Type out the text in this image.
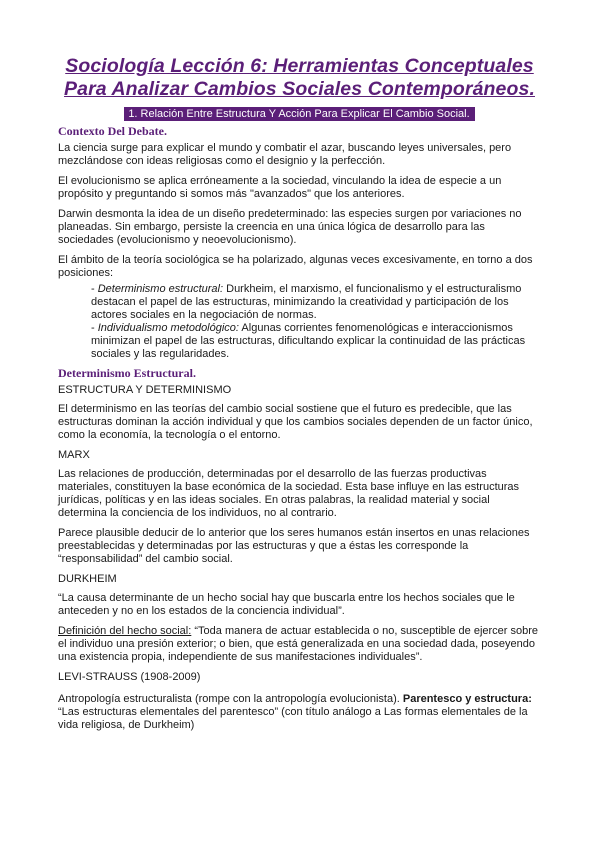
Sociología Lección 6: Herramientas Conceptuales
Para Analizar Cambios Sociales Contemporáneos.
1. Relación Entre Estructura Y Acción Para Explicar El Cambio Social.
Contexto Del Debate.

La ciencia surge para explicar el mundo y combatir el azar, buscando leyes universales, pero mezclándose con ideas religiosas como el designio y la perfección.

El evolucionismo se aplica erróneamente a la sociedad, vinculando la idea de especie a un propósito y preguntando si somos más "avanzados" que los anteriores.

Darwin desmonta la idea de un diseño predeterminado: las especies surgen por variaciones no planeadas. Sin embargo, persiste la creencia en una única lógica de desarrollo para las sociedades (evolucionismo y neoevolucionismo).

El ámbito de la teoría sociológica se ha polarizado, algunas veces excesivamente, en torno a dos posiciones:

- Determinismo estructural: Durkheim, el marxismo, el funcionalismo y el estructuralismo destacan el papel de las estructuras, minimizando la creatividad y participación de los actores sociales en la negociación de normas.

- Individualismo metodológico: Algunas corrientes fenomenológicas e interaccionismos minimizan el papel de las estructuras, dificultando explicar la continuidad de las prácticas sociales y las regularidades.

Determinismo Estructural.

ESTRUCTURA Y DETERMINISMO

El determinismo en las teorías del cambio social sostiene que el futuro es predecible, que las estructuras dominan la acción individual y que los cambios sociales dependen de un factor único, como la economía, la tecnología o el entorno.

MARX

Las relaciones de producción, determinadas por el desarrollo de las fuerzas productivas materiales, constituyen la base económica de la sociedad. Esta base influye en las estructuras jurídicas, políticas y en las ideas sociales. En otras palabras, la realidad material y social determina la conciencia de los individuos, no al contrario.

Parece plausible deducir de lo anterior que los seres humanos están insertos en unas relaciones preestablecidas y determinadas por las estructuras y que a éstas les corresponde la “responsabilidad” del cambio social.

DURKHEIM

“La causa determinante de un hecho social hay que buscarla entre los hechos sociales que le anteceden y no en los estados de la conciencia individual”.

Definición del hecho social: “Toda manera de actuar establecida o no, susceptible de ejercer sobre el individuo una presión exterior; o bien, que está generalizada en una sociedad dada, poseyendo una existencia propia, independiente de sus manifestaciones individuales”.

LEVI-STRAUSS (1908-2009)

Antropología estructuralista (rompe con la antropología evolucionista). Parentesco y estructura: “Las estructuras elementales del parentesco” (con título análogo a Las formas elementales de la vida religiosa, de Durkheim)
